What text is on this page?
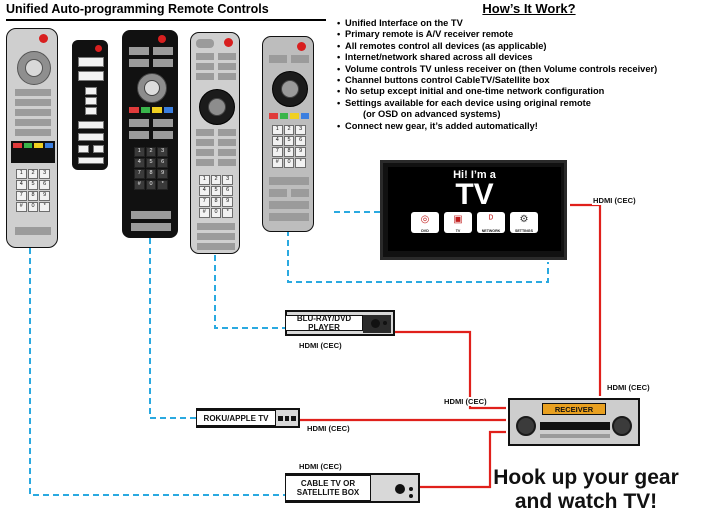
Unified Auto-programming Remote Controls	How’s It Work?
• Unified Interface on the TV
• Primary remote is A/V receiver remote
• All remotes control all devices (as applicable)
• Internet/network shared across all devices
• Volume controls TV unless receiver on (then Volume controls receiver)
• Channel buttons control CableTV/Satellite box
• No setup except initial and one-time network configuration
• Settings available for each device using original remote
(or OSD on advanced systems)
• Connect new gear, it’s added automatically!
1	2	3
4	5	6
7	8	9
#	0	*
1	2	3
4	5	6
7	8	9
#	0	*
1	2	3
4	5	6
7	8	9
#	0	*
1	2	3
4	5	6
7	8	9
#	0	*
Hi! I’m a
TV
◎
DVD
▣
TV
ᴰ
NETWORK
⚙
SETTINGS
BLU-RAY/DVD PLAYER
ROKU/APPLE TV
CABLE TV OR
SATELLITE BOX
RECEIVER
HDMI (CEC)
HDMI (CEC)
HDMI (CEC)
HDMI (CEC)
HDMI (CEC)
HDMI (CEC)	Hook up your gear
and watch TV!
